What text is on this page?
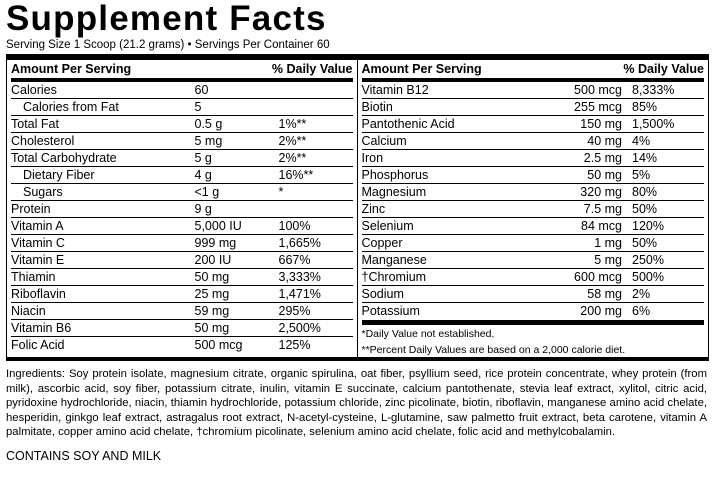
Supplement Facts
Serving Size 1 Scoop (21.2 grams) • Servings Per Container 60
Amount Per Serving	% Daily Value
Calories	60	
Calories from Fat	5	
Total Fat	0.5 g	1%**
Cholesterol	5 mg	2%**
Total Carbohydrate	5 g	2%**
Dietary Fiber	4 g	16%**
Sugars	<1 g	*
Protein	9 g	
Vitamin A	5,000 IU	100%
Vitamin C	999 mg	1,665%
Vitamin E	200 IU	667%
Thiamin	50 mg	3,333%
Riboflavin	25 mg	1,471%
Niacin	59 mg	295%
Vitamin B6	50 mg	2,500%
Folic Acid	500 mcg	125%
Amount Per Serving	% Daily Value
Vitamin B12	500 mcg	8,333%
Biotin	255 mcg	85%
Pantothenic Acid	150 mg	1,500%
Calcium	40 mg	4%
Iron	2.5 mg	14%
Phosphorus	50 mg	5%
Magnesium	320 mg	80%
Zinc	7.5 mg	50%
Selenium	84 mcg	120%
Copper	1 mg	50%
Manganese	5 mg	250%
†Chromium	600 mcg	500%
Sodium	58 mg	2%
Potassium	200 mg	6%
*Daily Value not established.
**Percent Daily Values are based on a 2,000 calorie diet.
Ingredients: Soy protein isolate, magnesium citrate, organic spirulina, oat fiber, psyllium seed, rice protein concentrate, whey protein (from milk), ascorbic acid, soy fiber, potassium citrate, inulin, vitamin E succinate, calcium pantothenate, stevia leaf extract, xylitol, citric acid, pyridoxine hydrochloride, niacin, thiamin hydrochloride, potassium chloride, zinc picolinate, biotin, riboflavin, manganese amino acid chelate, hesperidin, ginkgo leaf extract, astragalus root extract, N-acetyl-cysteine, L-glutamine, saw palmetto fruit extract, beta carotene, vitamin A palmitate, copper amino acid chelate, †chromium picolinate, selenium amino acid chelate, folic acid and methylcobalamin.
CONTAINS SOY AND MILK
